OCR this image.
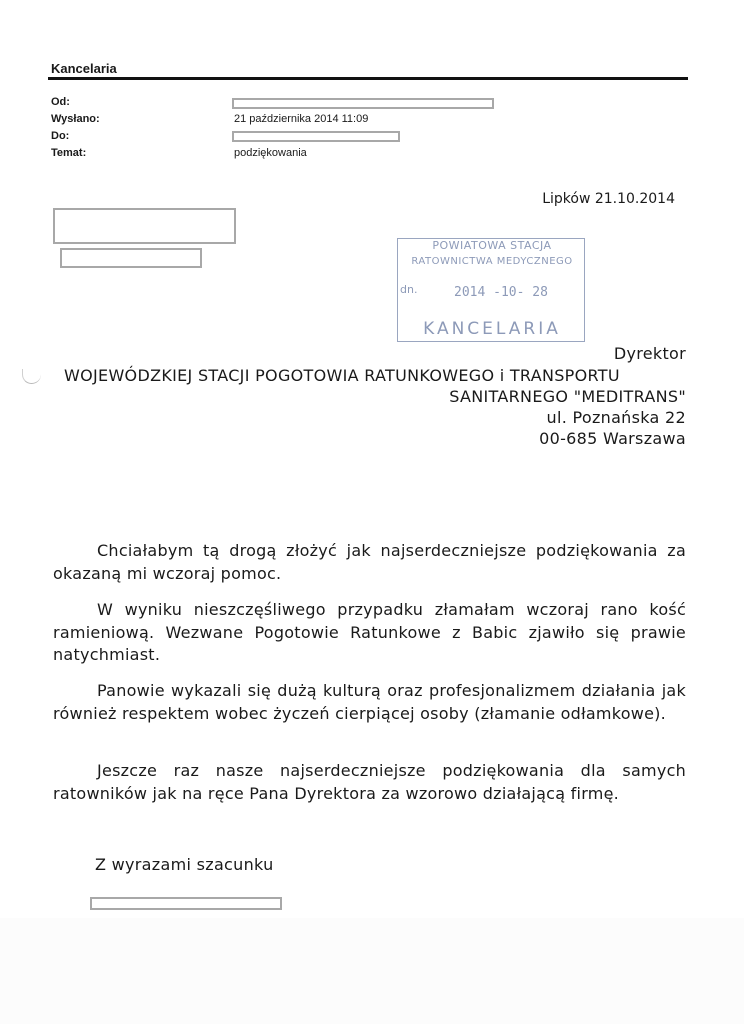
Kancelaria
Od:
Wysłano:	21 października 2014 11:09
Do:
Temat:	podziękowania
Lipków 21.10.2014
POWIATOWA STACJA
RATOWNICTWA MEDYCZNEGO
dn.	2014 -10- 28
KANCELARIA
Dyrektor
WOJEWÓDZKIEJ STACJI POGOTOWIA RATUNKOWEGO i TRANSPORTU
SANITARNEGO "MEDITRANS"
ul. Poznańska 22
00-685 Warszawa

Chciałabym tą drogą złożyć jak najserdeczniejsze podziękowania za okazaną mi wczoraj pomoc.

W wyniku nieszczęśliwego przypadku złamałam wczoraj rano kość ramieniową. Wezwane Pogotowie Ratunkowe z Babic zjawiło się prawie natychmiast.

Panowie wykazali się dużą kulturą oraz profesjonalizmem działania jak również respektem wobec życzeń cierpiącej osoby (złamanie odłamkowe).

Jeszcze raz nasze najserdeczniejsze podziękowania dla samych ratowników jak na ręce Pana Dyrektora za wzorowo działającą firmę.

Z wyrazami szacunku
